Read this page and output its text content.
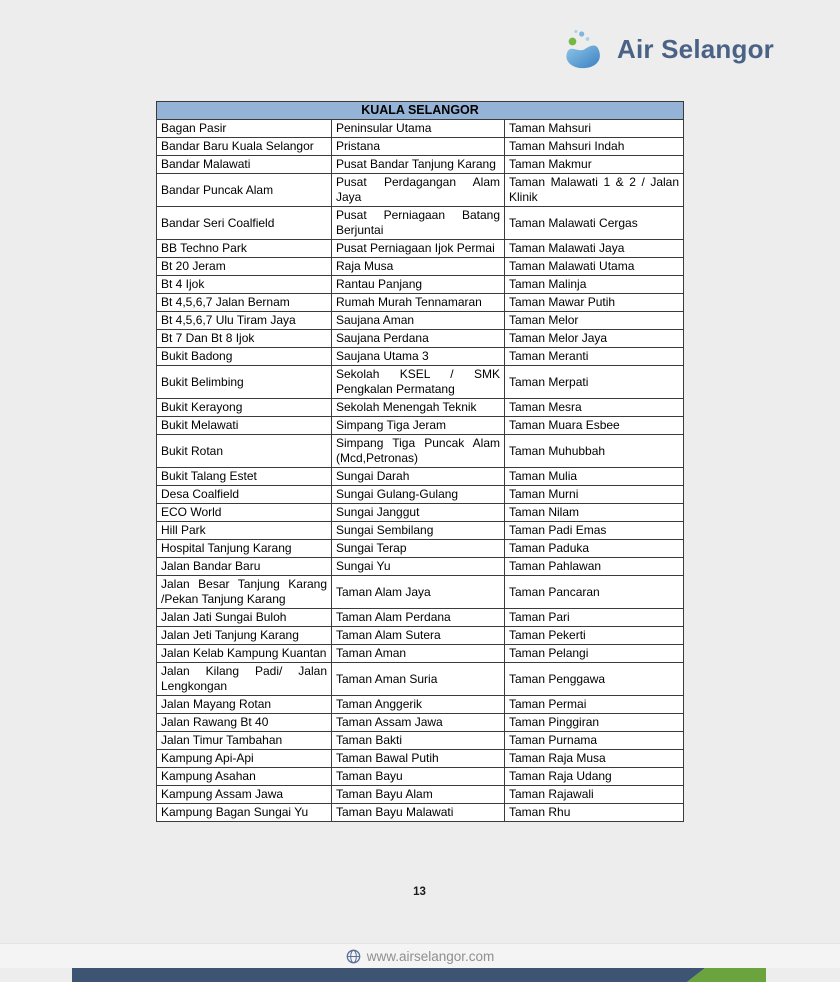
Air Selangor
KUALA SELANGOR		
Bagan Pasir	Peninsular Utama	Taman Mahsuri
Bandar Baru Kuala Selangor	Pristana	Taman Mahsuri Indah
Bandar Malawati	Pusat Bandar Tanjung Karang	Taman Makmur
Bandar Puncak Alam	Pusat Perdagangan Alam Jaya	Taman Malawati 1 & 2 / Jalan Klinik
Bandar Seri Coalfield	Pusat Perniagaan Batang Berjuntai	Taman Malawati Cergas
BB Techno Park	Pusat Perniagaan Ijok Permai	Taman Malawati Jaya
Bt 20 Jeram	Raja Musa	Taman Malawati Utama
Bt 4 Ijok	Rantau Panjang	Taman Malinja
Bt 4,5,6,7 Jalan Bernam	Rumah Murah Tennamaran	Taman Mawar Putih
Bt 4,5,6,7 Ulu Tiram Jaya	Saujana Aman	Taman Melor
Bt 7 Dan Bt 8 Ijok	Saujana Perdana	Taman Melor Jaya
Bukit Badong	Saujana Utama 3	Taman Meranti
Bukit Belimbing	Sekolah KSEL / SMK Pengkalan Permatang	Taman Merpati
Bukit Kerayong	Sekolah Menengah Teknik	Taman Mesra
Bukit Melawati	Simpang Tiga Jeram	Taman Muara Esbee
Bukit Rotan	Simpang Tiga Puncak Alam (Mcd,Petronas)	Taman Muhubbah
Bukit Talang Estet	Sungai Darah	Taman Mulia
Desa Coalfield	Sungai Gulang-Gulang	Taman Murni
ECO World	Sungai Janggut	Taman Nilam
Hill Park	Sungai Sembilang	Taman Padi Emas
Hospital Tanjung Karang	Sungai Terap	Taman Paduka
Jalan Bandar Baru	Sungai Yu	Taman Pahlawan
Jalan Besar Tanjung Karang /Pekan Tanjung Karang	Taman Alam Jaya	Taman Pancaran
Jalan Jati Sungai Buloh	Taman Alam Perdana	Taman Pari
Jalan Jeti Tanjung Karang	Taman Alam Sutera	Taman Pekerti
Jalan Kelab Kampung Kuantan	Taman Aman	Taman Pelangi
Jalan Kilang Padi/ Jalan Lengkongan	Taman Aman Suria	Taman Penggawa
Jalan Mayang Rotan	Taman Anggerik	Taman Permai
Jalan Rawang Bt 40	Taman Assam Jawa	Taman Pinggiran
Jalan Timur Tambahan	Taman Bakti	Taman Purnama
Kampung Api-Api	Taman Bawal Putih	Taman Raja Musa
Kampung Asahan	Taman Bayu	Taman Raja Udang
Kampung Assam Jawa	Taman Bayu Alam	Taman Rajawali
Kampung Bagan Sungai Yu	Taman Bayu Malawati	Taman Rhu
13
www.airselangor.com
